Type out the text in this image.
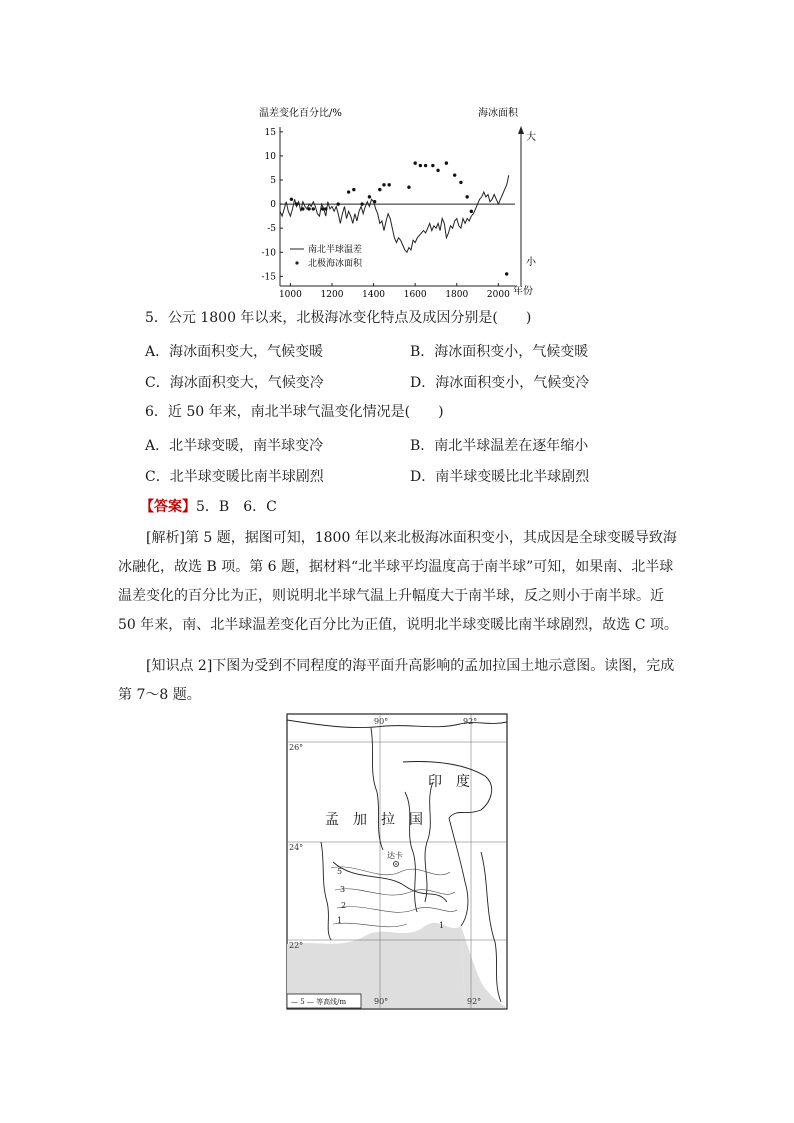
温差变化百分比/%	海冰面积
15
10
5
0
-5
-10
-15
1000 1200 1400 1600 1800 2000
大
小
南北半球温差
北极海冰面积
年份
5．公元 1800 年以来，北极海冰变化特点及成因分别是(　　)
A．海冰面积变大，气候变暖	B．海冰面积变小，气候变暖
C．海冰面积变大，气候变冷	D．海冰面积变小，气候变冷
6．近 50 年来，南北半球气温变化情况是(　　)
A．北半球变暖，南半球变冷	B．南北半球温差在逐年缩小
C．北半球变暖比南半球剧烈	D．南半球变暖比北半球剧烈
【答案】5．B　6．C
[解析]第 5 题，据图可知，1800 年以来北极海冰面积变小，其成因是全球变暖导致海冰融化，故选 B 项。第 6 题，据材料“北半球平均温度高于南半球”可知，如果南、北半球温差变化的百分比为正，则说明北半球气温上升幅度大于南半球，反之则小于南半球。近 50 年来，南、北半球温差变化百分比为正值，说明北半球变暖比南半球剧烈，故选 C 项。
[知识点 2]下图为受到不同程度的海平面升高影响的孟加拉国土地示意图。读图，完成第 7～8 题。
90°	92°
26°
24°
22°
90°	92°
印　度
孟　加　拉　国
达卡
5
3
2
1
1
— 5 — 等高线/m
